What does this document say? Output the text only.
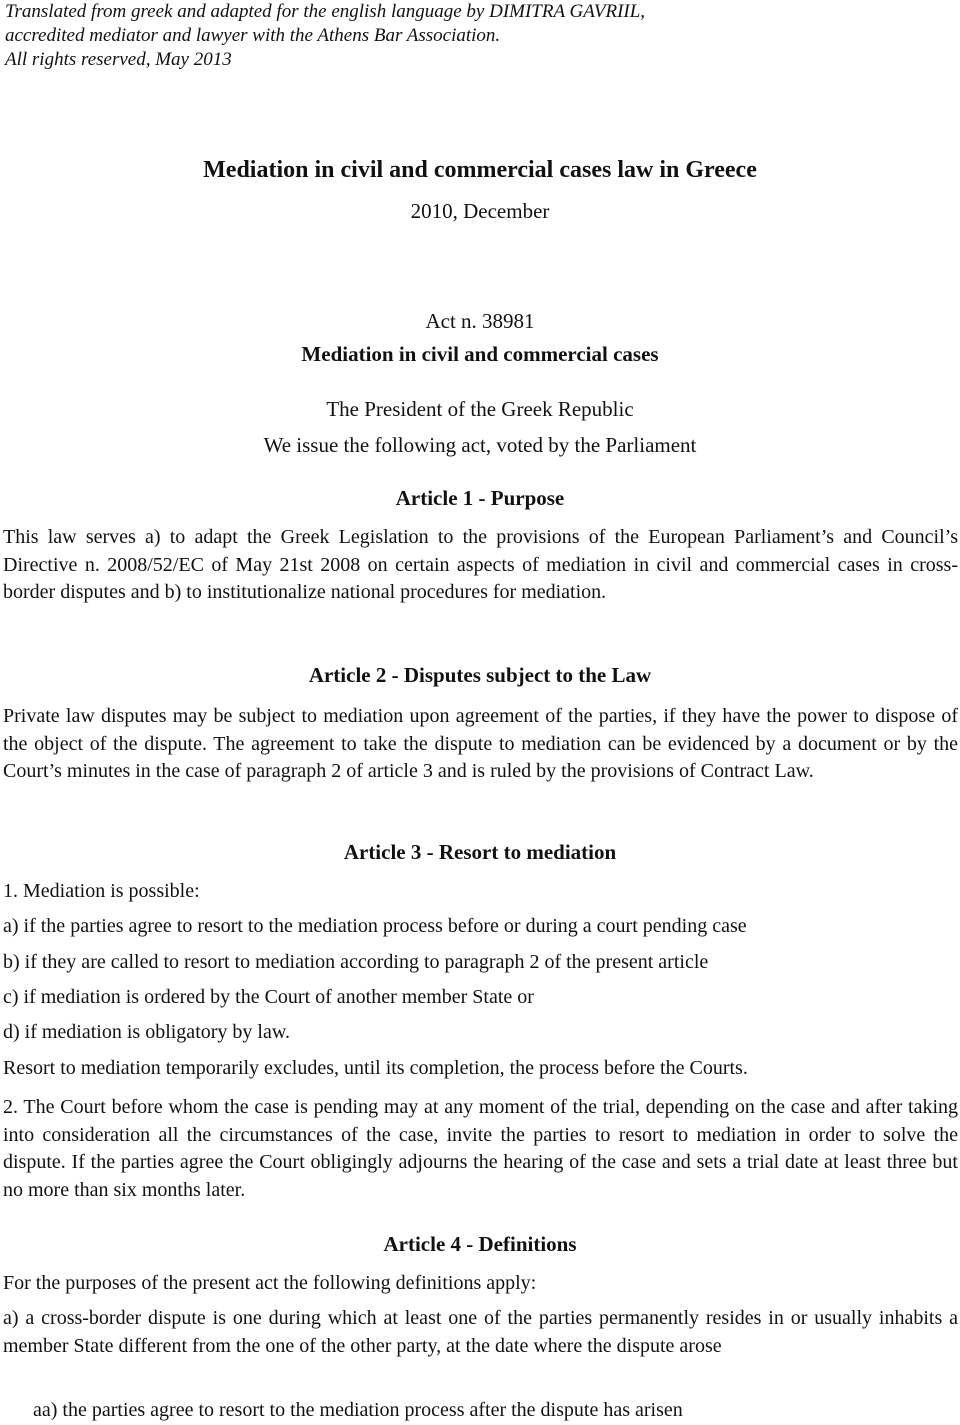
Translated from greek and adapted for the english language by DIMITRA GAVRIIL,
accredited mediator and lawyer with the Athens Bar Association.
All rights reserved, May 2013
Mediation in civil and commercial cases law in Greece
2010, December
Act n. 38981
Mediation in civil and commercial cases
The President of the Greek Republic
We issue the following act, voted by the Parliament
Article 1 - Purpose

This law serves a) to adapt the Greek Legislation to the provisions of the European Parliament’s and Council’s Directive n. 2008/52/EC of May 21st 2008 on certain aspects of mediation in civil and commercial cases in cross-border disputes and b) to institutionalize national procedures for mediation.

Article 2 - Disputes subject to the Law

Private law disputes may be subject to mediation upon agreement of the parties, if they have the power to dispose of the object of the dispute. The agreement to take the dispute to mediation can be evidenced by a document or by the Court’s minutes in the case of paragraph 2 of article 3 and is ruled by the provisions of Contract Law.

Article 3 - Resort to mediation
1. Mediation is possible:
a) if the parties agree to resort to the mediation process before or during a court pending case
b) if they are called to resort to mediation according to paragraph 2 of the present article
c) if mediation is ordered by the Court of another member State or
d) if mediation is obligatory by law.
Resort to mediation temporarily excludes, until its completion, the process before the Courts.

2. The Court before whom the case is pending may at any moment of the trial, depending on the case and after taking into consideration all the circumstances of the case, invite the parties to resort to mediation in order to solve the dispute. If the parties agree the Court obligingly adjourns the hearing of the case and sets a trial date at least three but no more than six months later.

Article 4 - Definitions
For the purposes of the present act the following definitions apply:

a) a cross-border dispute is one during which at least one of the parties permanently resides in or usually inhabits a member State different from the one of the other party, at the date where the dispute arose

aa) the parties agree to resort to the mediation process after the dispute has arisen
